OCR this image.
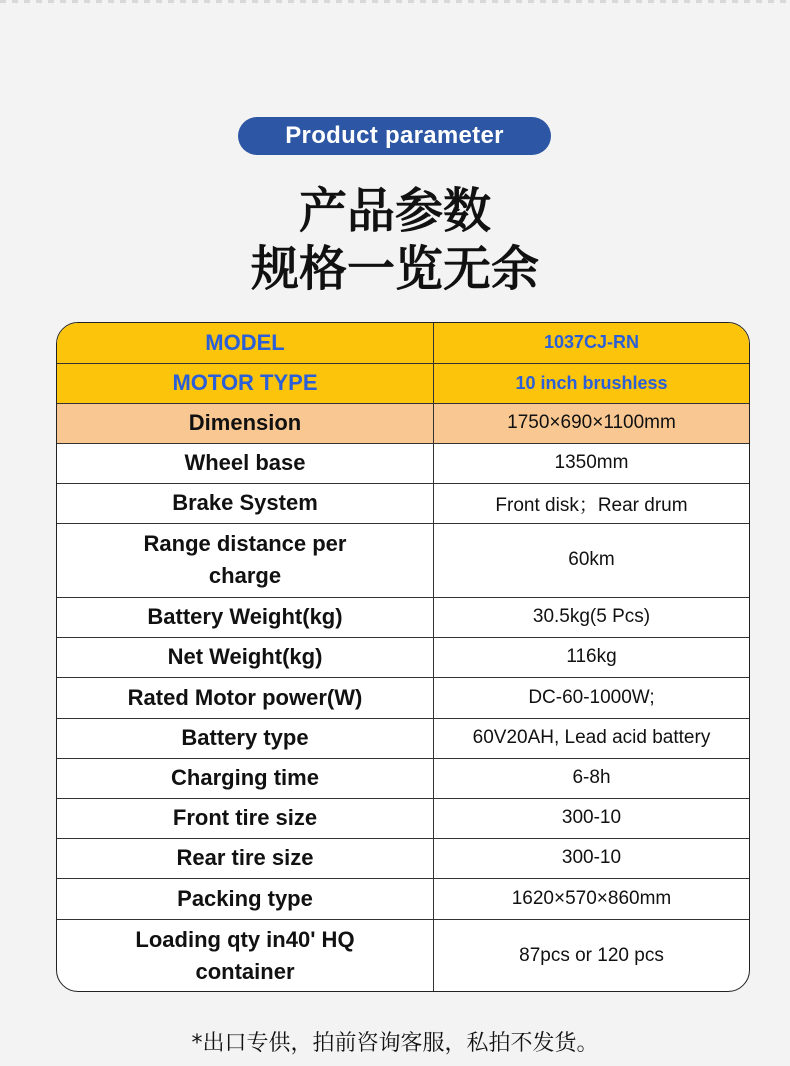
Product parameter
产品参数
规格一览无余
MODEL	1037CJ-RN
MOTOR TYPE	10 inch brushless
Dimension	1750×690×1100mm
Wheel base	1350mm
Brake System	Front disk；Rear drum
Range distance per charge	60km
Battery Weight(kg)	30.5kg(5 Pcs)
Net Weight(kg)	116kg
Rated Motor power(W)	DC-60-1000W;
Battery type	60V20AH, Lead acid battery
Charging time	6-8h
Front tire size	300-10
Rear tire size	300-10
Packing type	1620×570×860mm
Loading qty in40' HQ container	87pcs or 120 pcs
*出口专供，拍前咨询客服，私拍不发货。
